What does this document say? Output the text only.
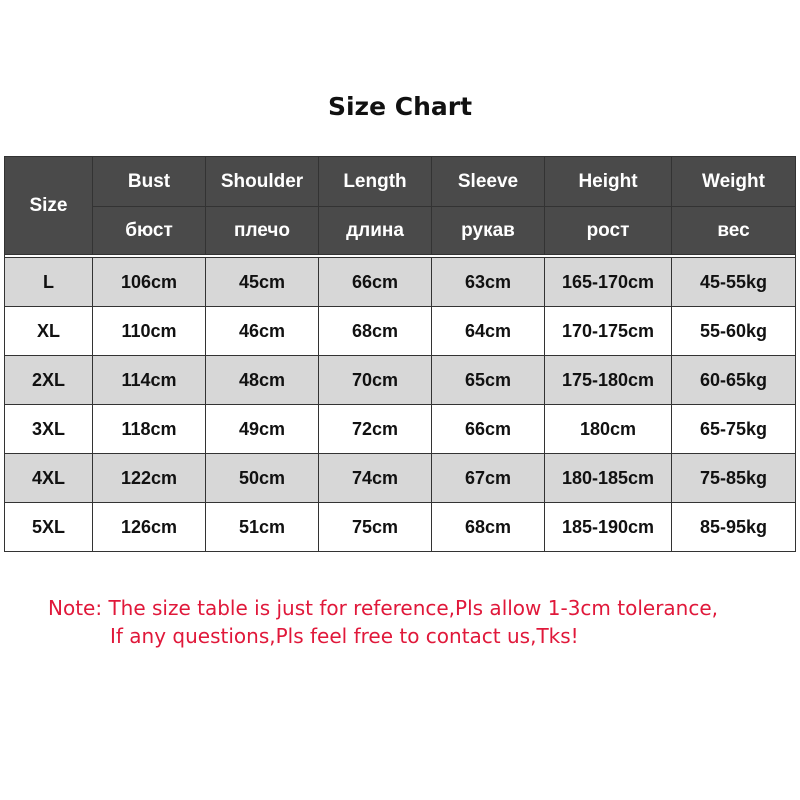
Size Chart
Size	Bust	Shoulder	Length	Sleeve	Height	Weight
	бюст	плечо	длина	рукав	рост	вес

L	106cm	45cm	66cm	63cm	165-170cm	45-55kg
XL	110cm	46cm	68cm	64cm	170-175cm	55-60kg
2XL	114cm	48cm	70cm	65cm	175-180cm	60-65kg
3XL	118cm	49cm	72cm	66cm	180cm	65-75kg
4XL	122cm	50cm	74cm	67cm	180-185cm	75-85kg
5XL	126cm	51cm	75cm	68cm	185-190cm	85-95kg
Note: The size table is just for reference,Pls allow 1-3cm tolerance,
If any questions,Pls feel free to contact us,Tks!
